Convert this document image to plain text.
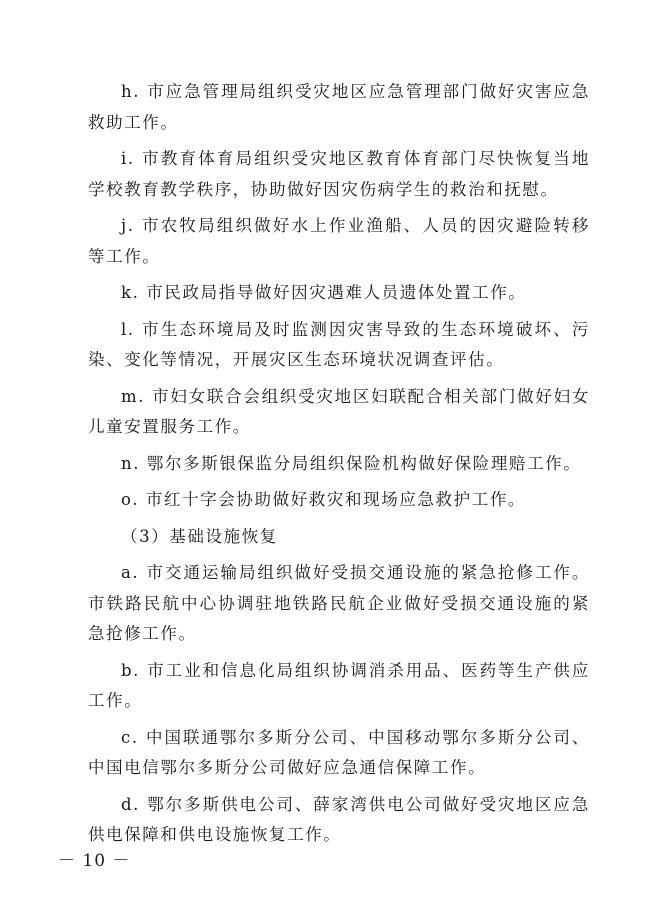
h. 市应急管理局组织受灾地区应急管理部门做好灾害应急救助工作。

i. 市教育体育局组织受灾地区教育体育部门尽快恢复当地学校教育教学秩序，协助做好因灾伤病学生的救治和抚慰。

j. 市农牧局组织做好水上作业渔船、人员的因灾避险转移等工作。

k. 市民政局指导做好因灾遇难人员遗体处置工作。

l. 市生态环境局及时监测因灾害导致的生态环境破坏、污染、变化等情况，开展灾区生态环境状况调查评估。

m. 市妇女联合会组织受灾地区妇联配合相关部门做好妇女儿童安置服务工作。

n. 鄂尔多斯银保监分局组织保险机构做好保险理赔工作。

o. 市红十字会协助做好救灾和现场应急救护工作。

（3）基础设施恢复

a. 市交通运输局组织做好受损交通设施的紧急抢修工作。市铁路民航中心协调驻地铁路民航企业做好受损交通设施的紧急抢修工作。

b. 市工业和信息化局组织协调消杀用品、医药等生产供应工作。

c. 中国联通鄂尔多斯分公司、中国移动鄂尔多斯分公司、中国电信鄂尔多斯分公司做好应急通信保障工作。

d. 鄂尔多斯供电公司、薛家湾供电公司做好受灾地区应急供电保障和供电设施恢复工作。

－ 10 －
